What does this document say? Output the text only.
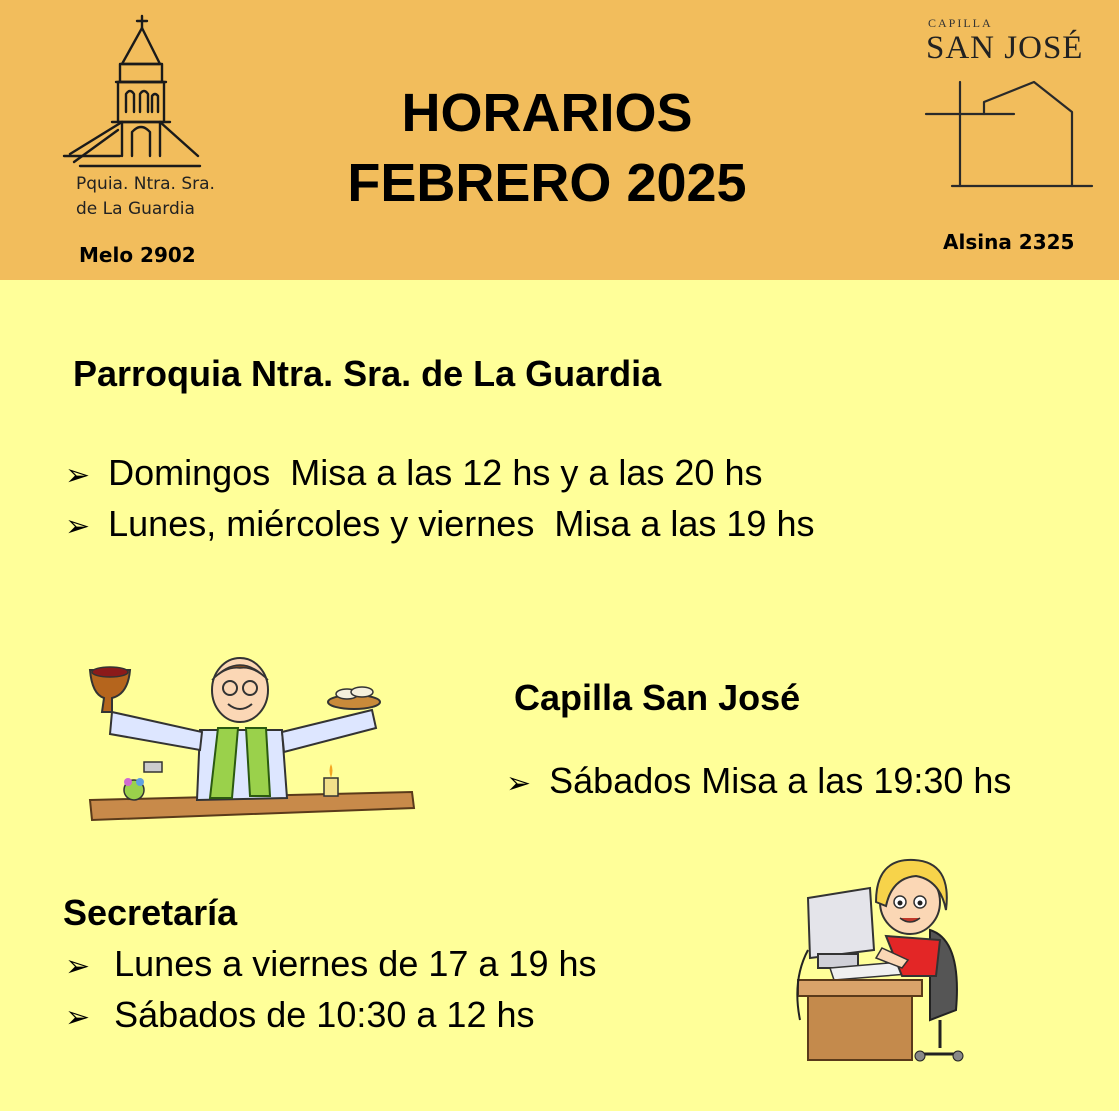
Pquia. Ntra. Sra.
de La Guardia
Melo 2902
HORARIOS
FEBRERO 2025
CAPILLA
SAN JOSÉ
Alsina 2325
Parroquia Ntra. Sra. de La Guardia
➢ Domingos Misa a las 12 hs y a las 20 hs
➢ Lunes, miércoles y viernes Misa a las 19 hs
Capilla San José
➢ Sábados Misa a las 19:30 hs
Secretaría
➢ Lunes a viernes de 17 a 19 hs
➢ Sábados de 10:30 a 12 hs
